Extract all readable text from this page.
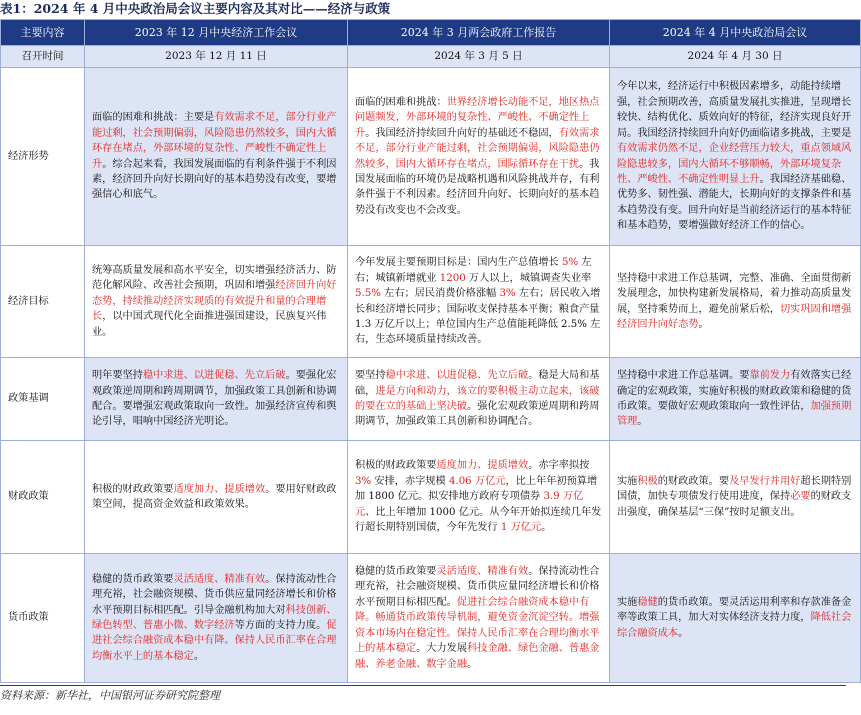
表1：2024 年 4 月中央政治局会议主要内容及其对比——经济与政策
主要内容	2023 年 12 月中央经济工作会议	2024 年 3 月两会政府工作报告	2024 年 4 月中央政治局会议
召开时间	2023 年 12 月 11 日	2024 年 3 月 5 日	2024 年 4 月 30 日
经济形势	面临的困难和挑战：主要是有效需求不足，部分行业产能过剩，社会预期偏弱，风险隐患仍然较多，国内大循环存在堵点，外部环境的复杂性、严峻性不确定性上升。综合起来看，我国发展面临的有利条件强于不利因素，经济回升向好长期向好的基本趋势没有改变，要增强信心和底气。	面临的困难和挑战：世界经济增长动能不足，地区热点问题频发，外部环境的复杂性、严峻性、不确定性上升。我国经济持续回升向好的基础还不稳固，有效需求不足，部分行业产能过剩，社会预期偏弱，风险隐患仍然较多，国内大循环存在堵点，国际循环存在干扰。我国发展面临的环境仍是战略机遇和风险挑战并存，有利条件强于不利因素。经济回升向好、长期向好的基本趋势没有改变也不会改变。	今年以来，经济运行中积极因素增多，动能持续增强，社会预期改善，高质量发展扎实推进，呈现增长较快、结构优化、质效向好的特征，经济实现良好开局。我国经济持续回升向好仍面临诸多挑战，主要是有效需求仍然不足，企业经营压力较大，重点领域风险隐患较多，国内大循环不够顺畅，外部环境复杂性、严峻性、不确定性明显上升。我国经济基础稳、优势多、韧性强、潜能大，长期向好的支撑条件和基本趋势没有变。回升向好是当前经济运行的基本特征和基本趋势，要增强做好经济工作的信心。
经济目标	统筹高质量发展和高水平安全，切实增强经济活力、防范化解风险、改善社会预期，巩固和增强经济回升向好态势，持续推动经济实现质的有效提升和量的合理增长，以中国式现代化全面推进强国建设，民族复兴伟业。	今年发展主要预期目标是：国内生产总值增长 5% 左右；城镇新增就业 1200 万人以上，城镇调查失业率 5.5% 左右；居民消费价格涨幅 3% 左右；居民收入增长和经济增长同步；国际收支保持基本平衡；粮食产量 1.3 万亿斤以上；单位国内生产总值能耗降低 2.5% 左右，生态环境质量持续改善。	坚持稳中求进工作总基调，完整、准确、全面贯彻新发展理念，加快构建新发展格局，着力推动高质量发展，坚持乘势而上，避免前紧后松，切实巩固和增强经济回升向好态势。
政策基调	明年要坚持稳中求进、以进促稳、先立后破。要强化宏观政策逆周期和跨周期调节，加强政策工具创新和协调配合。要增强宏观政策取向一致性。加强经济宣传和舆论引导，唱响中国经济光明论。	要坚持稳中求进、以进促稳、先立后破。稳是大局和基础，进是方向和动力，该立的要积极主动立起来，该破的要在立的基础上坚决破。强化宏观政策逆周期和跨周期调节，加强政策工具创新和协调配合。	坚持稳中求进工作总基调。要靠前发力有效落实已经确定的宏观政策，实施好积极的财政政策和稳健的货币政策。要做好宏观政策取向一致性评估，加强预期管理。
财政政策	积极的财政政策要适度加力、提质增效。要用好财政政策空间，提高资金效益和政策效果。	积极的财政政策要适度加力、提质增效。赤字率拟按 3% 安排，赤字规模 4.06 万亿元，比上年年初预算增加 1800 亿元。拟安排地方政府专项债券 3.9 万亿元、比上年增加 1000 亿元。从今年开始拟连续几年发行超长期特别国债，今年先发行 1 万亿元。	实施积极的财政政策。要及早发行并用好超长期特别国债，加快专项债发行使用进度，保持必要的财政支出强度，确保基层“三保”按时足额支出。
货币政策	稳健的货币政策要灵活适度、精准有效。保持流动性合理充裕，社会融资规模、货币供应量同经济增长和价格水平预期目标相匹配。引导金融机构加大对科技创新、绿色转型、普惠小微、数字经济等方面的支持力度。促进社会综合融资成本稳中有降。保持人民币汇率在合理均衡水平上的基本稳定。	稳健的货币政策要灵活适度、精准有效。保持流动性合理充裕，社会融资规模、货币供应量同经济增长和价格水平预期目标相匹配。促进社会综合融资成本稳中有降。畅通货币政策传导机制，避免资金沉淀空转。增强资本市场内在稳定性。保持人民币汇率在合理均衡水平上的基本稳定。大力发展科技金融、绿色金融、普惠金融、养老金融、数字金融。	实施稳健的货币政策。要灵活运用利率和存款准备金率等政策工具，加大对实体经济支持力度，降低社会综合融资成本。
资料来源：新华社，中国银河证券研究院整理
